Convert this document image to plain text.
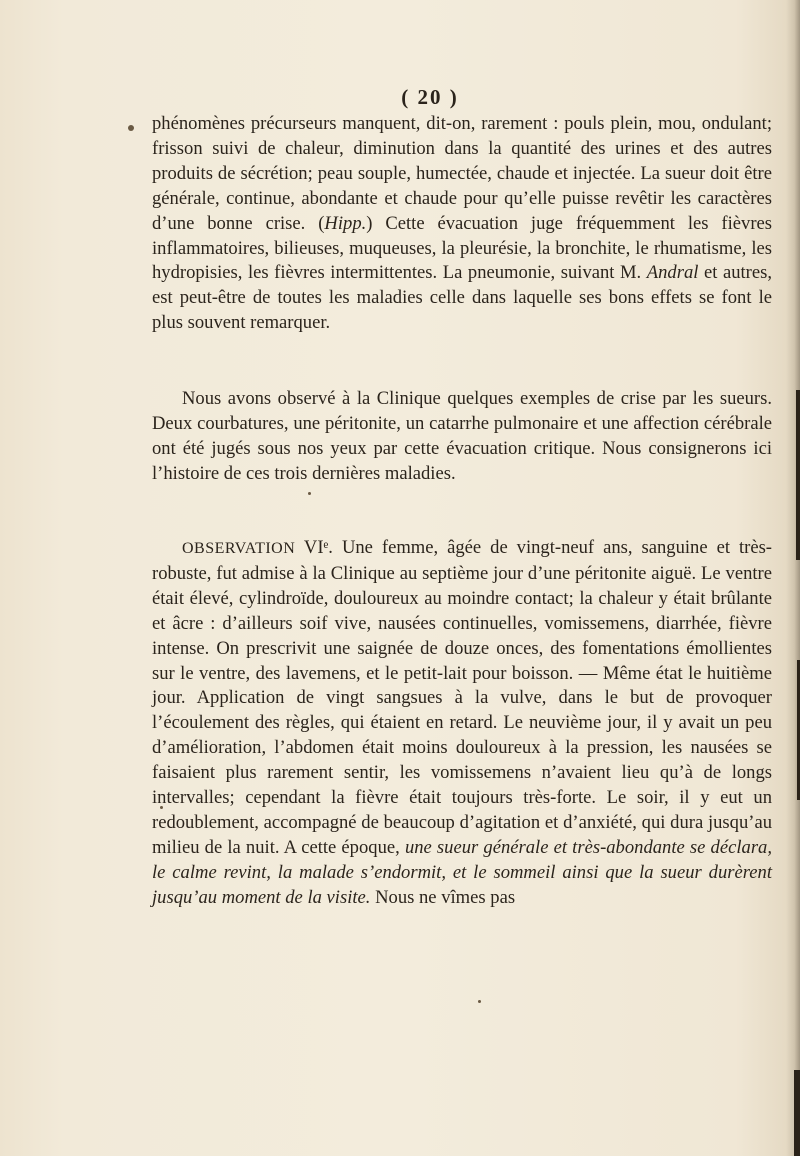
( 20 )

phénomènes précurseurs manquent, dit-on, rarement : pouls plein, mou, ondulant; frisson suivi de chaleur, diminution dans la quantité des urines et des autres produits de sécrétion; peau souple, humectée, chaude et injectée. La sueur doit être générale, continue, abondante et chaude pour qu’elle puisse revêtir les caractères d’une bonne crise. (Hipp.) Cette évacuation juge fréquemment les fièvres inflammatoires, bilieuses, muqueuses, la pleurésie, la bronchite, le rhumatisme, les hydropisies, les fièvres intermittentes. La pneumonie, suivant M. Andral et autres, est peut-être de toutes les maladies celle dans laquelle ses bons effets se font le plus souvent remarquer.

Nous avons observé à la Clinique quelques exemples de crise par les sueurs. Deux courbatures, une péritonite, un catarrhe pulmonaire et une affection cérébrale ont été jugés sous nos yeux par cette évacuation critique. Nous consignerons ici l’histoire de ces trois dernières maladies.

OBSERVATION VIᵉ. Une femme, âgée de vingt-neuf ans, sanguine et très-robuste, fut admise à la Clinique au septième jour d’une péritonite aiguë. Le ventre était élevé, cylindroïde, douloureux au moindre contact; la chaleur y était brûlante et âcre : d’ailleurs soif vive, nausées continuelles, vomissemens, diarrhée, fièvre intense. On prescrivit une saignée de douze onces, des fomentations émollientes sur le ventre, des lavemens, et le petit-lait pour boisson. — Même état le huitième jour. Application de vingt sangsues à la vulve, dans le but de provoquer l’écoulement des règles, qui étaient en retard. Le neuvième jour, il y avait un peu d’amélioration, l’abdomen était moins douloureux à la pression, les nausées se faisaient plus rarement sentir, les vomissemens n’avaient lieu qu’à de longs intervalles; cependant la fièvre était toujours très-forte. Le soir, il y eut un redoublement, accompagné de beaucoup d’agitation et d’anxiété, qui dura jusqu’au milieu de la nuit. A cette époque, une sueur générale et très-abondante se déclara, le calme revint, la malade s’endormit, et le sommeil ainsi que la sueur durèrent jusqu’au moment de la visite. Nous ne vîmes pas
